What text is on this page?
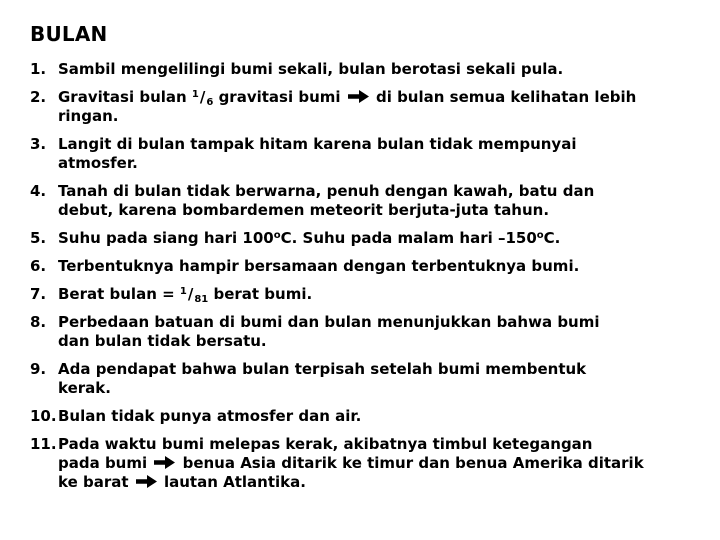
BULAN
1. Sambil mengelilingi bumi sekali, bulan berotasi sekali pula.
2. Gravitasi bulan $^1/_6$ gravitasi bumi  di bulan semua kelihatan lebih
ringan.
3. Langit di bulan tampak hitam karena bulan tidak mempunyai
atmosfer.
4. Tanah di bulan tidak berwarna, penuh dengan kawah, batu dan
debut, karena bombardemen meteorit berjuta-juta tahun.
5. Suhu pada siang hari 100$^o$C. Suhu pada malam hari –150$^o$C.
6. Terbentuknya hampir bersamaan dengan terbentuknya bumi.
7. Berat bulan = $^1/_{81}$ berat bumi.
8. Perbedaan batuan di bumi dan bulan menunjukkan bahwa bumi
dan bulan tidak bersatu.
9. Ada pendapat bahwa bulan terpisah setelah bumi membentuk
kerak.
10. Bulan tidak punya atmosfer dan air.
11. Pada waktu bumi melepas kerak, akibatnya timbul ketegangan
pada bumi  benua Asia ditarik ke timur dan benua Amerika ditarik
ke barat  lautan Atlantika.
